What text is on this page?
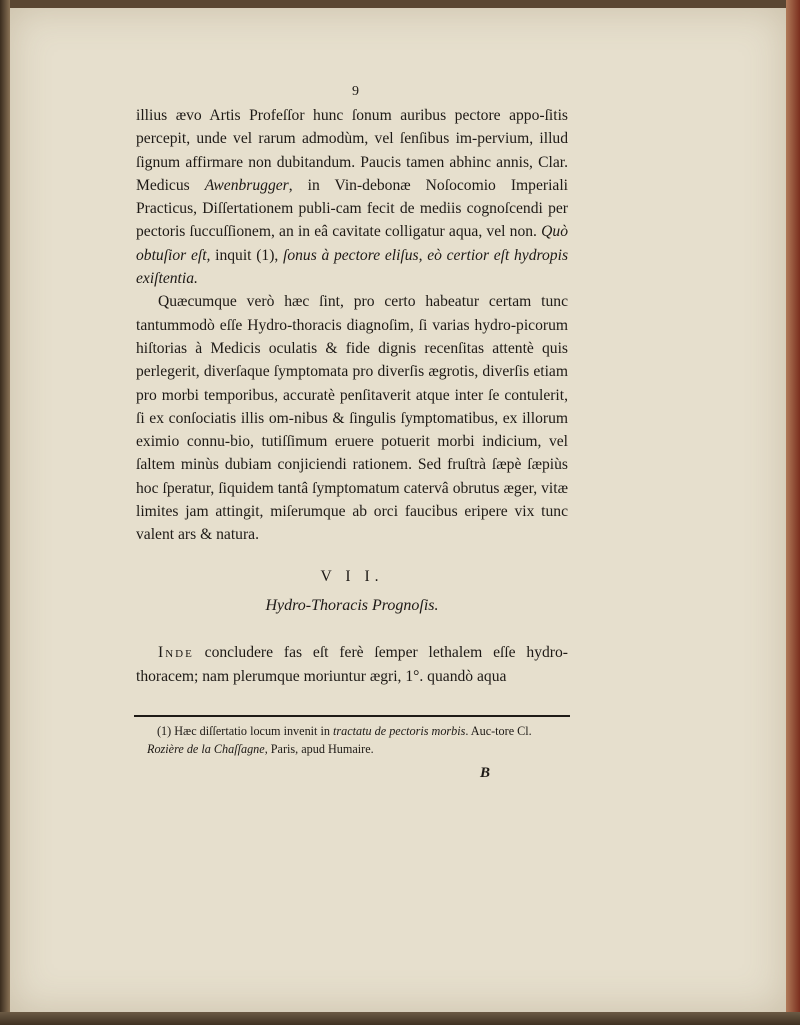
9

illius ævo Artis Profeſſor hunc ſonum auribus pectore appo-ſitis percepit, unde vel rarum admodùm, vel ſenſibus im-pervium, illud ſignum affirmare non dubitandum. Paucis tamen abhinc annis, Clar. Medicus Awenbrugger, in Vin-debonæ Noſocomio Imperiali Practicus, Diſſertationem publi-cam fecit de mediis cognoſcendi per pectoris ſuccuſſionem, an in eâ cavitate colligatur aqua, vel non. Quò obtuſior eſt, inquit (1), ſonus à pectore eliſus, eò certior eſt hydropis exiſtentia.

Quæcumque verò hæc ſint, pro certo habeatur certam tunc tantummodò eſſe Hydro-thoracis diagnoſim, ſi varias hydro-picorum hiſtorias à Medicis oculatis & fide dignis recenſitas attentè quis perlegerit, diverſaque ſymptomata pro diverſis ægrotis, diverſis etiam pro morbi temporibus, accuratè penſitaverit atque inter ſe contulerit, ſi ex conſociatis illis om-nibus & ſingulis ſymptomatibus, ex illorum eximio connu-bio, tutiſſimum eruere potuerit morbi indicium, vel ſaltem minùs dubiam conjiciendi rationem. Sed fruſtrà ſæpè ſæpiùs hoc ſperatur, ſiquidem tantâ ſymptomatum catervâ obrutus æger, vitæ limites jam attingit, miſerumque ab orci faucibus eripere vix tunc valent ars & natura.

V I I.
Hydro-Thoracis Prognoſis.

Inde concludere fas eſt ferè ſemper lethalem eſſe hydro-thoracem; nam plerumque moriuntur ægri, 1°. quandò aqua

(1) Hæc diſſertatio locum invenit in tractatu de pectoris morbis. Auc-tore Cl. Rozière de la Chaſſagne, Paris, apud Humaire.
B
